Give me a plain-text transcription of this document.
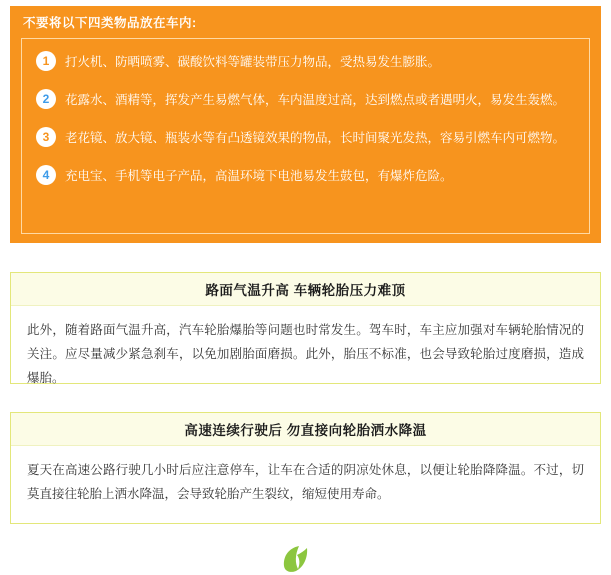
不要将以下四类物品放在车内:
1	打火机、防晒喷雾、碳酸饮料等罐装带压力物品，受热易发生膨胀。
2	花露水、酒精等，挥发产生易燃气体，车内温度过高，达到燃点或者遇明火，易发生轰燃。
3	老花镜、放大镜、瓶装水等有凸透镜效果的物品，长时间聚光发热，容易引燃车内可燃物。
4	充电宝、手机等电子产品，高温环境下电池易发生鼓包，有爆炸危险。
路面气温升高 车辆轮胎压力难顶

此外，随着路面气温升高，汽车轮胎爆胎等问题也时常发生。驾车时，车主应加强对车辆轮胎情况的关注。应尽量减少紧急刹车，以免加剧胎面磨损。此外，胎压不标准，也会导致轮胎过度磨损，造成爆胎。

高速连续行驶后 勿直接向轮胎洒水降温

夏天在高速公路行驶几小时后应注意停车，让车在合适的阴凉处休息，以便让轮胎降降温。不过，切莫直接往轮胎上洒水降温，会导致轮胎产生裂纹，缩短使用寿命。
